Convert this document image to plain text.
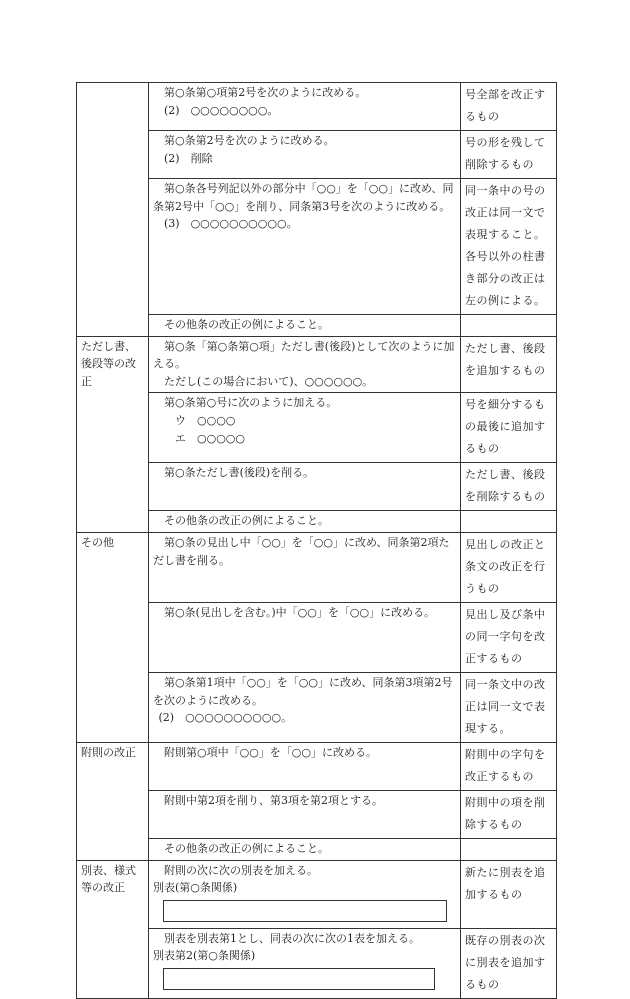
	第○条第○項第2号を次のように改める。
(2)　○○○○○○○○。	号全部を改正するもの

	第○条第2号を次のように改める。
(2)　削除	号の形を残して削除するもの

	第○条各号列記以外の部分中「○○」を「○○」に改め、同条第2号中「○○」を削り、同条第3号を次のように改める。
(3)　○○○○○○○○○○。	同一条中の号の改正は同一文で表現すること。各号以外の柱書き部分の改正は左の例による。

	その他条の改正の例によること。	

ただし書、後段等の改正	第○条「第○条第○項」ただし書(後段)として次のように加える。
ただし(この場合において)、○○○○○○。	ただし書、後段を追加するもの

	第○条第○号に次のように加える。
ウ　○○○○
エ　○○○○○	号を細分するもの最後に追加するもの

	第○条ただし書(後段)を削る。	ただし書、後段を削除するもの

	その他条の改正の例によること。	

その他	第○条の見出し中「○○」を「○○」に改め、同条第2項ただし書を削る。	見出しの改正と条文の改正を行うもの

	第○条(見出しを含む。)中「○○」を「○○」に改める。	見出し及び条中の同一字句を改正するもの

	第○条第1項中「○○」を「○○」に改め、同条第3項第2号を次のように改める。
(2)　○○○○○○○○○○。	同一条文中の改正は同一文で表現する。

附則の改正	附則第○項中「○○」を「○○」に改める。	附則中の字句を改正するもの

	附則中第2項を削り、第3項を第2項とする。	附則中の項を削除するもの

	その他条の改正の例によること。	

別表、様式等の改正	附則の次に次の別表を加える。
別表(第○条関係)	新たに別表を追加するもの

	別表を別表第1とし、同表の次に次の1表を加える。
別表第2(第○条関係)	既存の別表の次に別表を追加するもの
